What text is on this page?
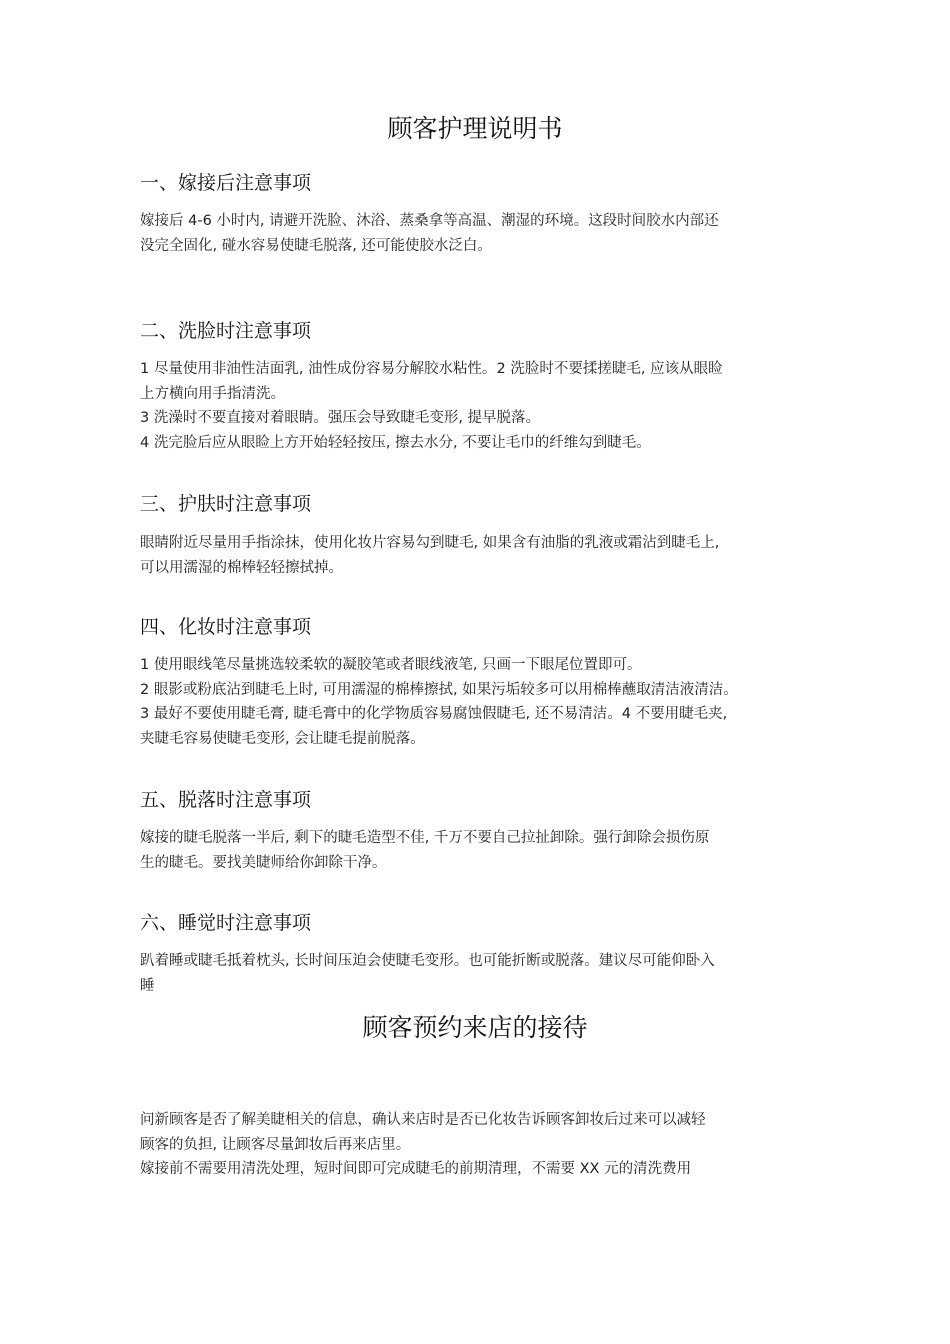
顾客护理说明书
一、嫁接后注意事项

嫁接后 4-6 小时内, 请避开洗脸、沐浴、蒸桑拿等高温、潮湿的环境。这段时间胶水内部还
没完全固化, 碰水容易使睫毛脱落, 还可能使胶水泛白。

二、洗脸时注意事项

1 尽量使用非油性洁面乳, 油性成份容易分解胶水粘性。2 洗脸时不要揉搓睫毛, 应该从眼睑
上方横向用手指清洗。
3 洗澡时不要直接对着眼睛。强压会导致睫毛变形, 提早脱落。
4 洗完脸后应从眼睑上方开始轻轻按压, 擦去水分, 不要让毛巾的纤维勾到睫毛。

三、护肤时注意事项

眼睛附近尽量用手指涂抹，使用化妆片容易勾到睫毛, 如果含有油脂的乳液或霜沾到睫毛上,
可以用濡湿的棉棒轻轻擦拭掉。

四、化妆时注意事项

1 使用眼线笔尽量挑选较柔软的凝胶笔或者眼线液笔, 只画一下眼尾位置即可。
2 眼影或粉底沾到睫毛上时, 可用濡湿的棉棒擦拭, 如果污垢较多可以用棉棒蘸取清洁液清洁。
3 最好不要使用睫毛膏, 睫毛膏中的化学物质容易腐蚀假睫毛, 还不易清洁。4 不要用睫毛夹,
夹睫毛容易使睫毛变形, 会让睫毛提前脱落。

五、脱落时注意事项

嫁接的睫毛脱落一半后, 剩下的睫毛造型不佳, 千万不要自己拉扯卸除。强行卸除会损伤原
生的睫毛。要找美睫师给你卸除干净。

六、睡觉时注意事项

趴着睡或睫毛抵着枕头, 长时间压迫会使睫毛变形。也可能折断或脱落。建议尽可能仰卧入
睡

顾客预约来店的接待

问新顾客是否了解美睫相关的信息，确认来店时是否已化妆告诉顾客卸妆后过来可以减轻
顾客的负担, 让顾客尽量卸妆后再来店里。
嫁接前不需要用清洗处理，短时间即可完成睫毛的前期清理，不需要 XX 元的清洗费用
